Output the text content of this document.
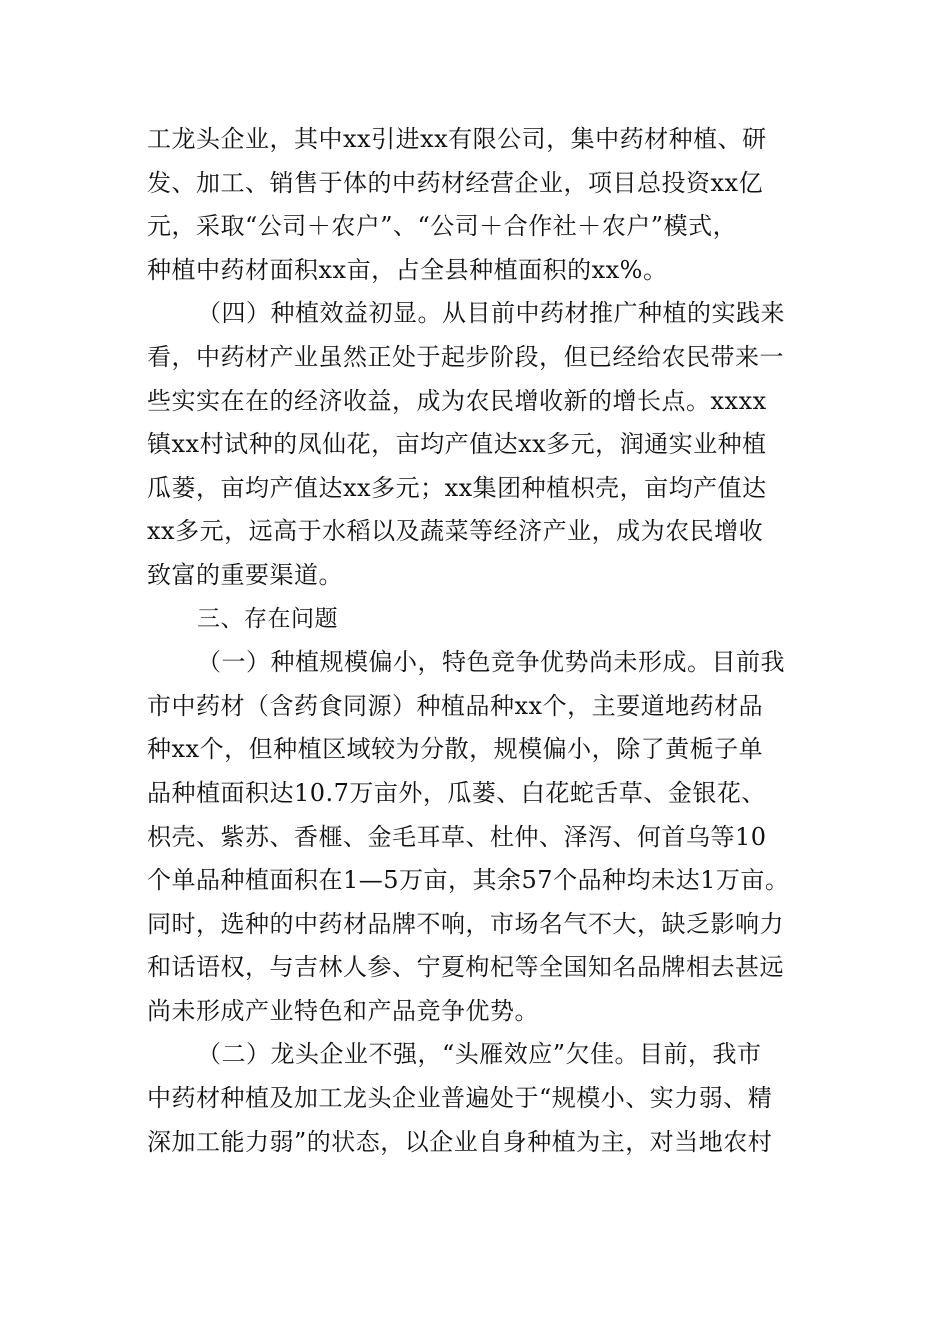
工龙头企业，其中xx引进xx有限公司，集中药材种植、研
发、加工、销售于体的中药材经营企业，项目总投资xx亿
元，采取“公司＋农户”、“公司＋合作社＋农户”模式，
种植中药材面积xx亩，占全县种植面积的xx%。
（四）种植效益初显。从目前中药材推广种植的实践来
看，中药材产业虽然正处于起步阶段，但已经给农民带来一
些实实在在的经济收益，成为农民增收新的增长点。xxxx
镇xx村试种的凤仙花，亩均产值达xx多元，润通实业种植
瓜蒌，亩均产值达xx多元；xx集团种植枳壳，亩均产值达
xx多元，远高于水稻以及蔬菜等经济产业，成为农民增收
致富的重要渠道。
三、存在问题
（一）种植规模偏小，特色竞争优势尚未形成。目前我
市中药材（含药食同源）种植品种xx个，主要道地药材品
种xx个，但种植区域较为分散，规模偏小，除了黄栀子单
品种植面积达10.7万亩外，瓜蒌、白花蛇舌草、金银花、
枳壳、紫苏、香榧、金毛耳草、杜仲、泽泻、何首乌等10
个单品种植面积在1—5万亩，其余57个品种均未达1万亩。
同时，选种的中药材品牌不响，市场名气不大，缺乏影响力
和话语权，与吉林人参、宁夏枸杞等全国知名品牌相去甚远
尚未形成产业特色和产品竞争优势。
（二）龙头企业不强，“头雁效应”欠佳。目前，我市
中药材种植及加工龙头企业普遍处于“规模小、实力弱、精
深加工能力弱”的状态，以企业自身种植为主，对当地农村
